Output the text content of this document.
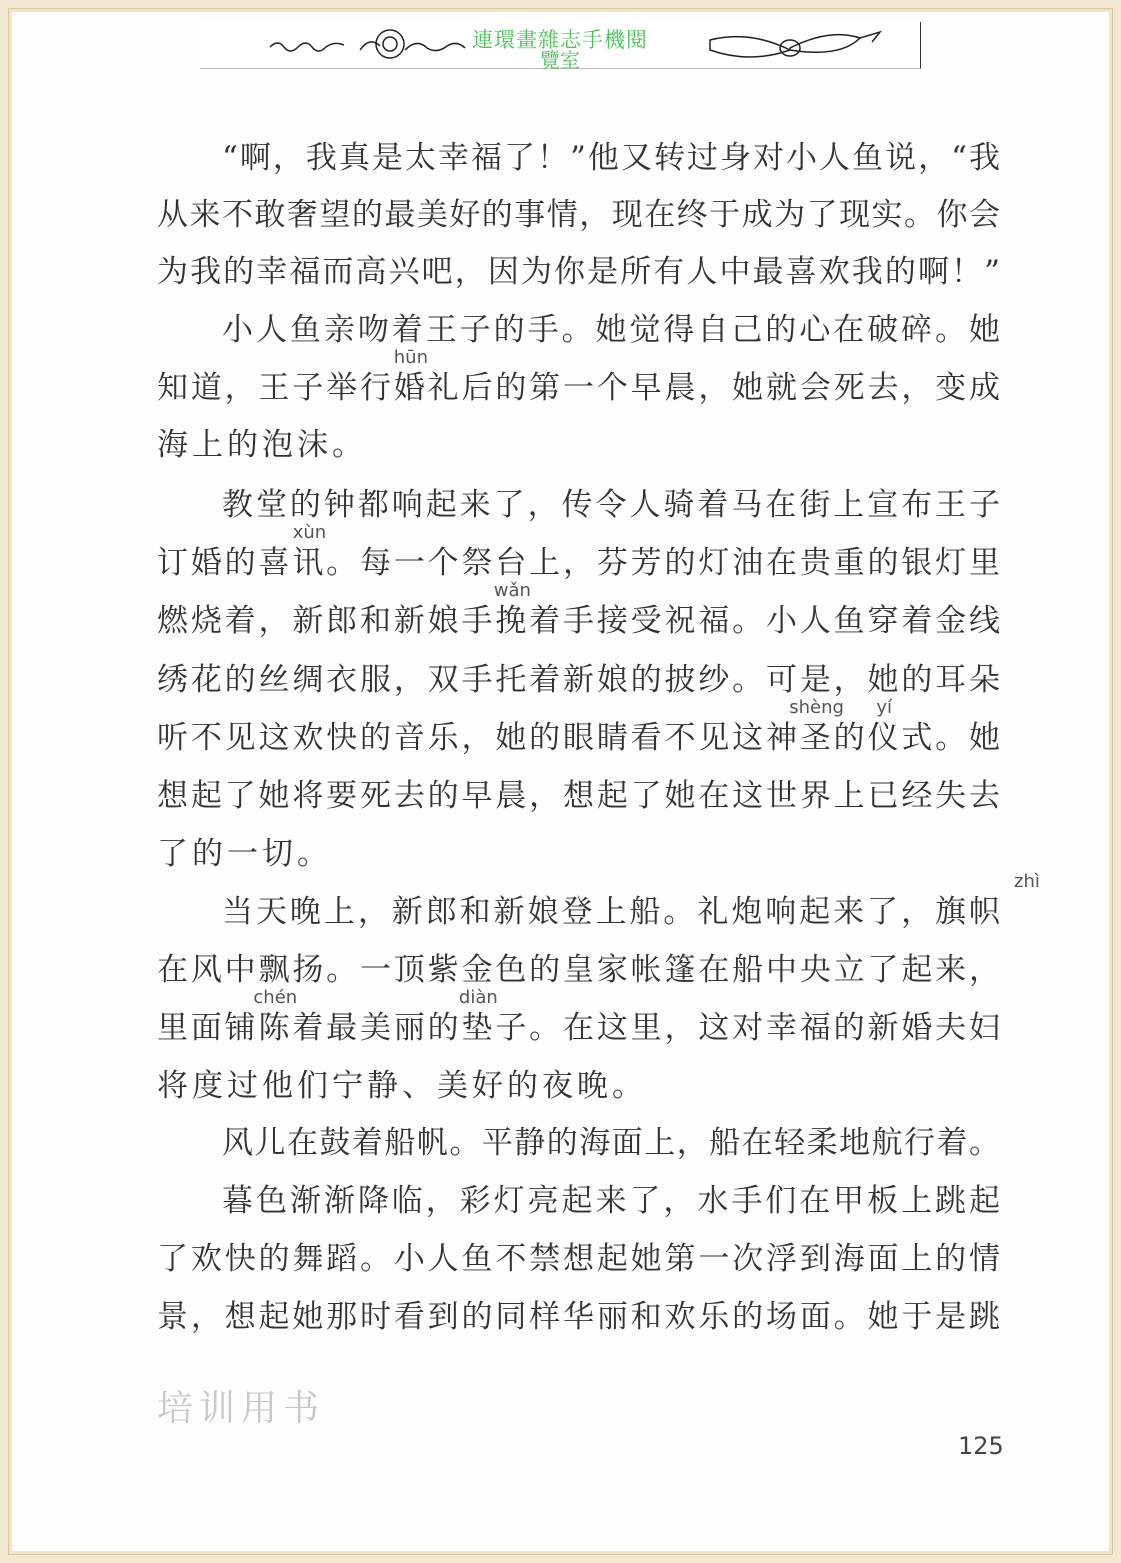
連環畫雜志手機閱
覽室
“啊，我真是太幸福了！”他又转过身对小人鱼说，“我
从来不敢奢望的最美好的事情，现在终于成为了现实。你会
为我的幸福而高兴吧，因为你是所有人中最喜欢我的啊！”
小人鱼亲吻着王子的手。她觉得自己的心在破碎。她
知道，王子举行婚礼后的第一个早晨，她就会死去，变成
海上的泡沫。
教堂的钟都响起来了，传令人骑着马在街上宣布王子
订婚的喜讯。每一个祭台上，芬芳的灯油在贵重的银灯里
燃烧着，新郎和新娘手挽着手接受祝福。小人鱼穿着金线
绣花的丝绸衣服，双手托着新娘的披纱。可是，她的耳朵
听不见这欢快的音乐，她的眼睛看不见这神圣的仪式。她
想起了她将要死去的早晨，想起了她在这世界上已经失去
了的一切。
当天晚上，新郎和新娘登上船。礼炮响起来了，旗帜
在风中飘扬。一顶紫金色的皇家帐篷在船中央立了起来，
里面铺陈着最美丽的垫子。在这里，这对幸福的新婚夫妇
将度过他们宁静、美好的夜晚。
风儿在鼓着船帆。平静的海面上，船在轻柔地航行着。
暮色渐渐降临，彩灯亮起来了，水手们在甲板上跳起
了欢快的舞蹈。小人鱼不禁想起她第一次浮到海面上的情
景，想起她那时看到的同样华丽和欢乐的场面。她于是跳
hūn
xùn
wǎn
shèng yí
zhì
chén	diàn
培训用书
125
